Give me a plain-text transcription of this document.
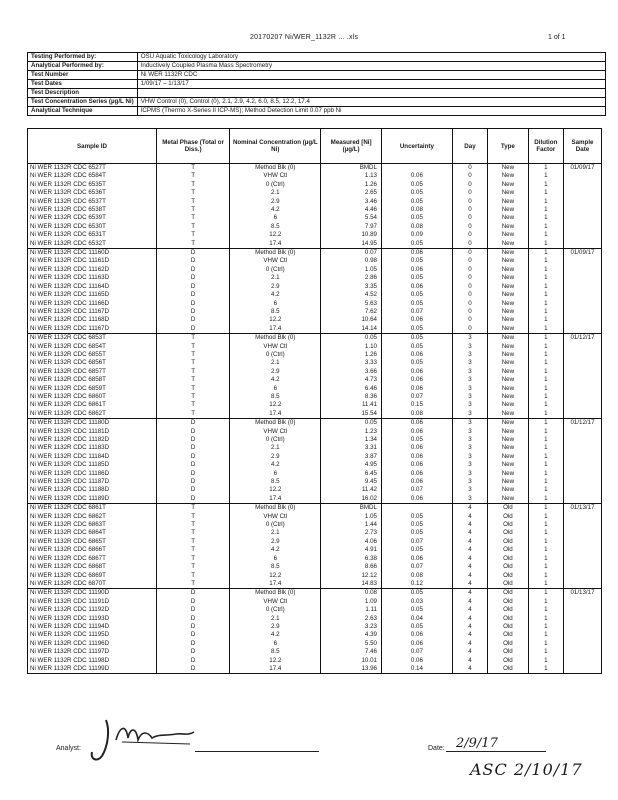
20170207 Ni/WER_1132R ... .xls	1 of 1
Testing Performed by:	OSU Aquatic Toxicology Laboratory
Analytical Performed by:	Inductively Coupled Plasma Mass Spectrometry
Test Number	Ni WER 1132R CDC
Test Dates	1/09/17 – 1/13/17
Test Description	
Test Concentration Series (µg/L Ni)	VHW Control (0), Control (0), 2.1, 2.9, 4.2, 6.0, 8.5, 12.2, 17.4
Analytical Technique	ICPMS (Thermo X-Series II ICP-MS); Method Detection Limit 0.07 ppb Ni
Sample ID	Metal Phase (Total or Diss.)	Nominal Concentration (µg/L Ni)	Measured [Ni] (µg/L)	Uncertainty	Day	Type	Dilution Factor	Sample Date
Ni WER 1132R CDC 6527T	T	Method Blk (0)	BMDL		0	New	1	01/09/17
Ni WER 1132R CDC 6584T	T	VHW Ctl	1.13	0.06	0	New	1	
Ni WER 1132R CDC 6535T	T	0 (Ctrl)	1.26	0.05	0	New	1	
Ni WER 1132R CDC 6536T	T	2.1	2.65	0.05	0	New	1	
Ni WER 1132R CDC 6537T	T	2.9	3.46	0.05	0	New	1	
Ni WER 1132R CDC 6538T	T	4.2	4.46	0.08	0	New	1	
Ni WER 1132R CDC 6539T	T	6	5.54	0.05	0	New	1	
Ni WER 1132R CDC 6530T	T	8.5	7.97	0.08	0	New	1	
Ni WER 1132R CDC 6531T	T	12.2	10.89	0.09	0	New	1	
Ni WER 1132R CDC 6532T	T	17.4	14.95	0.05	0	New	1	
Ni WER 1132R CDC 11160D	D	Method Blk (0)	0.07	0.06	0	New	1	01/09/17
Ni WER 1132R CDC 11161D	D	VHW Ctl	0.98	0.05	0	New	1	
Ni WER 1132R CDC 11162D	D	0 (Ctrl)	1.05	0.06	0	New	1	
Ni WER 1132R CDC 11163D	D	2.1	2.86	0.05	0	New	1	
Ni WER 1132R CDC 11164D	D	2.9	3.35	0.06	0	New	1	
Ni WER 1132R CDC 11165D	D	4.2	4.52	0.05	0	New	1	
Ni WER 1132R CDC 11166D	D	6	5.63	0.05	0	New	1	
Ni WER 1132R CDC 11167D	D	8.5	7.62	0.07	0	New	1	
Ni WER 1132R CDC 11168D	D	12.2	10.64	0.06	0	New	1	
Ni WER 1132R CDC 11167D	D	17.4	14.14	0.05	0	New	1	
Ni WER 1132R CDC 6853T	T	Method Blk (0)	0.05	0.05	3	New	1	01/12/17
Ni WER 1132R CDC 6854T	T	VHW Ctl	1.10	0.05	3	New	1	
Ni WER 1132R CDC 6855T	T	0 (Ctrl)	1.26	0.06	3	New	1	
Ni WER 1132R CDC 6856T	T	2.1	3.33	0.05	3	New	1	
Ni WER 1132R CDC 6857T	T	2.9	3.66	0.06	3	New	1	
Ni WER 1132R CDC 6858T	T	4.2	4.73	0.06	3	New	1	
Ni WER 1132R CDC 6859T	T	6	6.46	0.06	3	New	1	
Ni WER 1132R CDC 6860T	T	8.5	8.36	0.07	3	New	1	
Ni WER 1132R CDC 6861T	T	12.2	11.41	0.15	3	New	1	
Ni WER 1132R CDC 6862T	T	17.4	15.54	0.08	3	New	1	
Ni WER 1132R CDC 11180D	D	Method Blk (0)	0.05	0.06	3	New	1	01/12/17
Ni WER 1132R CDC 11181D	D	VHW Ctl	1.23	0.06	3	New	1	
Ni WER 1132R CDC 11182D	D	0 (Ctrl)	1.34	0.05	3	New	1	
Ni WER 1132R CDC 11183D	D	2.1	3.31	0.06	3	New	1	
Ni WER 1132R CDC 11184D	D	2.9	3.87	0.06	3	New	1	
Ni WER 1132R CDC 11185D	D	4.2	4.95	0.06	3	New	1	
Ni WER 1132R CDC 11186D	D	6	6.45	0.06	3	New	1	
Ni WER 1132R CDC 11187D	D	8.5	9.45	0.06	3	New	1	
Ni WER 1132R CDC 11188D	D	12.2	11.42	0.07	3	New	1	
Ni WER 1132R CDC 11189D	D	17.4	16.02	0.06	3	New	1	
Ni WER 1132R CDC 6861T	T	Method Blk (0)	BMDL		4	Old	1	01/13/17
Ni WER 1132R CDC 6862T	T	VHW Ctl	1.05	0.05	4	Old	1	
Ni WER 1132R CDC 6863T	T	0 (Ctrl)	1.44	0.05	4	Old	1	
Ni WER 1132R CDC 6864T	T	2.1	2.73	0.05	4	Old	1	
Ni WER 1132R CDC 6865T	T	2.9	4.06	0.07	4	Old	1	
Ni WER 1132R CDC 6866T	T	4.2	4.91	0.05	4	Old	1	
Ni WER 1132R CDC 6867T	T	6	6.38	0.06	4	Old	1	
Ni WER 1132R CDC 6868T	T	8.5	8.66	0.07	4	Old	1	
Ni WER 1132R CDC 6869T	T	12.2	12.12	0.08	4	Old	1	
Ni WER 1132R CDC 6870T	T	17.4	14.83	0.12	4	Old	1	
Ni WER 1132R CDC 11190D	D	Method Blk (0)	0.08	0.05	4	Old	1	01/13/17
Ni WER 1132R CDC 11191D	D	VHW Ctl	1.09	0.03	4	Old	1	
Ni WER 1132R CDC 11192D	D	0 (Ctrl)	1.11	0.05	4	Old	1	
Ni WER 1132R CDC 11193D	D	2.1	2.63	0.04	4	Old	1	
Ni WER 1132R CDC 11194D	D	2.9	3.23	0.05	4	Old	1	
Ni WER 1132R CDC 11195D	D	4.2	4.39	0.06	4	Old	1	
Ni WER 1132R CDC 11196D	D	6	5.50	0.06	4	Old	1	
Ni WER 1132R CDC 11197D	D	8.5	7.46	0.07	4	Old	1	
Ni WER 1132R CDC 11198D	D	12.2	10.01	0.06	4	Old	1	
Ni WER 1132R CDC 11199D	D	17.4	13.96	0.14	4	Old	1	
Analyst:	Date: 2/9/17
ASC 2/10/17
